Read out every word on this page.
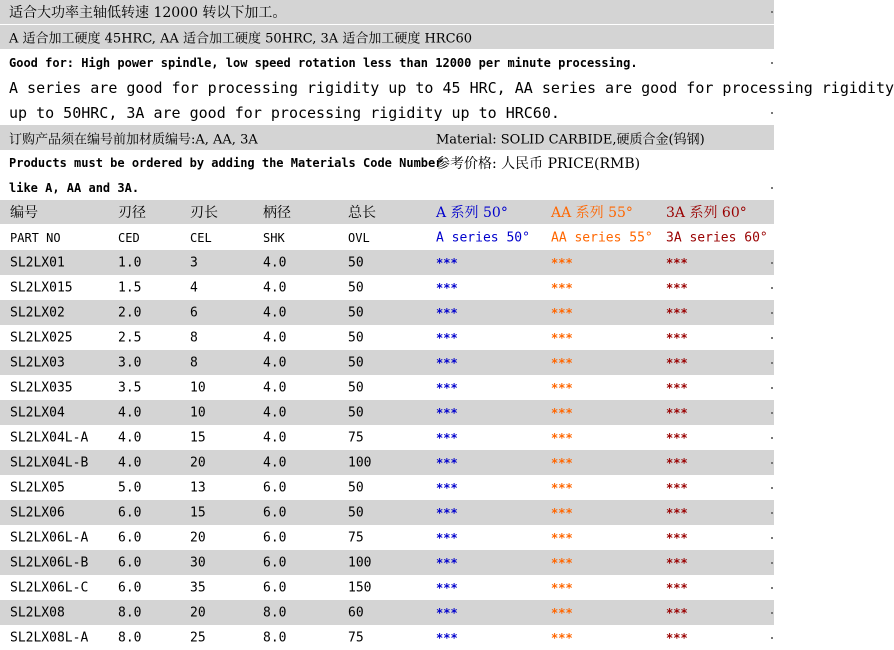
适合大功率主轴低转速 12000 转以下加工。
A 适合加工硬度 45HRC, AA 适合加工硬度 50HRC, 3A 适合加工硬度 HRC60
Good for: High power spindle, low speed rotation less than 12000 per minute processing.
A series are good for processing rigidity up to 45 HRC, AA series are good for processing rigidity
up to 50HRC, 3A are good for processing rigidity up to HRC60.
订购产品须在编号前加材质编号:A, AA, 3A	Material: SOLID CARBIDE,硬质合金(钨钢)
Products must be ordered by adding the Materials Code Number
参考价格: 人民币 PRICE(RMB)
like A, AA and 3A.
编号	刃径	刃长	柄径	总长	A 系列 50°	AA 系列 55° 3A 系列 60°
PART NO	CED	CEL	SHK	OVL	A series 50° AA series 55° 3A series 60°
SL2LX01	1.0	3	4.0	50	***	***	***
SL2LX015	1.5	4	4.0	50	***	***	***
SL2LX02	2.0	6	4.0	50	***	***	***
SL2LX025	2.5	8	4.0	50	***	***	***
SL2LX03	3.0	8	4.0	50	***	***	***
SL2LX035	3.5	10	4.0	50	***	***	***
SL2LX04	4.0	10	4.0	50	***	***	***
SL2LX04L-A 4.0	15	4.0	75	***	***	***
SL2LX04L-B 4.0	20	4.0	100	***	***	***
SL2LX05	5.0	13	6.0	50	***	***	***
SL2LX06	6.0	15	6.0	50	***	***	***
SL2LX06L-A 6.0	20	6.0	75	***	***	***
SL2LX06L-B 6.0	30	6.0	100	***	***	***
SL2LX06L-C 6.0	35	6.0	150	***	***	***
SL2LX08	8.0	20	8.0	60	***	***	***
SL2LX08L-A 8.0	25	8.0	75	***	***	***
